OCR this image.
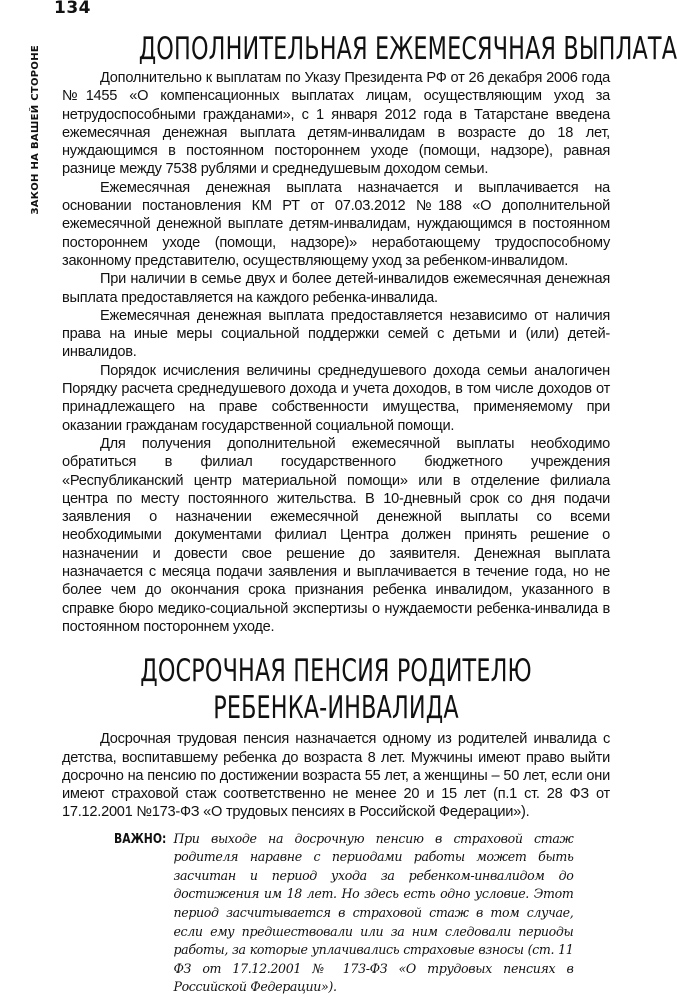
134
ЗАКОН НА ВАШЕЙ СТОРОНЕ	ДОПОЛНИТЕЛЬНАЯ ЕЖЕМЕСЯЧНАЯ ВЫПЛАТА

Дополнительно к выплатам по Указу Президента РФ от 26 декабря 2006 года №1455 «О компенсационных выплатах лицам, осуществляющим уход за нетрудоспособными гражданами», с 1 января 2012 года в Татарстане введена ежемесячная денежная выплата детям-инвалидам в возрасте до 18 лет, нуждающимся в постоянном постороннем уходе (помощи, надзоре), равная разнице между 7538 рублями и среднедушевым доходом семьи.

Ежемесячная денежная выплата назначается и выплачивается на основании постановления КМ РТ от 07.03.2012 №188 «О дополнительной ежемесячной денежной выплате детям-инвалидам, нуждающимся в постоянном постороннем уходе (помощи, надзоре)» неработающему трудоспособному законному представителю, осуществляющему уход за ребенком-инвалидом.

При наличии в семье двух и более детей-инвалидов ежемесячная денежная выплата предоставляется на каждого ребенка-инвалида.

Ежемесячная денежная выплата предоставляется независимо от наличия права на иные меры социальной поддержки семей с детьми и (или) детей-инвалидов.

Порядок исчисления величины среднедушевого дохода семьи аналогичен Порядку расчета среднедушевого дохода и учета доходов, в том числе доходов от принадлежащего на праве собственности имущества, применяемому при оказании гражданам государственной социальной помощи.

Для получения дополнительной ежемесячной выплаты необходимо обратиться в филиал государственного бюджетного учреждения «Республиканский центр материальной помощи» или в отделение филиала центра по месту постоянного жительства. В 10-дневный срок со дня подачи заявления о назначении ежемесячной денежной выплаты со всеми необходимыми документами филиал Центра должен принять решение о назначении и довести свое решение до заявителя. Денежная выплата назначается с месяца подачи заявления и выплачивается в течение года, но не более чем до окончания срока признания ребенка инвалидом, указанного в справке бюро медико-социальной экспертизы о нуждаемости ребенка-инвалида в постоянном постороннем уходе.

ДОСРОЧНАЯ ПЕНСИЯ РОДИТЕЛЮ
РЕБЕНКА-ИНВАЛИДА

Досрочная трудовая пенсия назначается одному из родителей инвалида с детства, воспитавшему ребенка до возраста 8 лет. Мужчины имеют право выйти досрочно на пенсию по достижении возраста 55 лет, а женщины – 50 лет, если они имеют страховой стаж соответственно не менее 20 и 15 лет (п.1 ст. 28 ФЗ от 17.12.2001 №173-ФЗ «О трудовых пенсиях в Российской Федерации»).

ВАЖНО: При выходе на досрочную пенсию в страховой стаж родителя наравне с периодами работы может быть засчитан и период ухода за ребенком-инвалидом до достижения им 18 лет. Но здесь есть одно условие. Этот период засчитывается в страховой стаж в том случае, если ему предшествовали или за ним следовали периоды работы, за которые уплачивались страховые взносы (ст. 11 ФЗ от 17.12.2001 № 173-ФЗ «О трудовых пенсиях в Российской Федерации»).
